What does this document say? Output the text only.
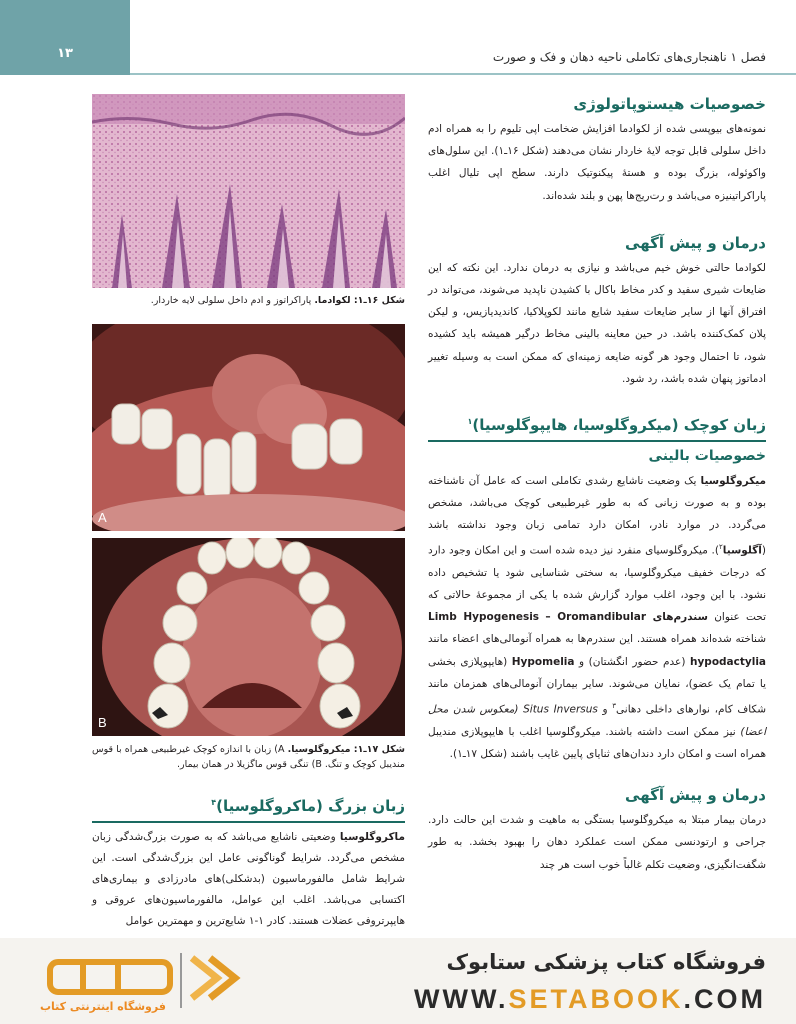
۱۳	فصل ۱ ناهنجاری‌های تکاملی ناحیه دهان و فک و صورت
خصوصیات هیستوپاتولوژی

نمونه‌های بیوپسی شده از لکوادما افزایش ضخامت اپی تلیوم را به همراه ادم داخل سلولی قابل توجه لایۀ خاردار نشان می‌دهند (شکل ۱۶ـ۱). این سلول‌های واکوئوله، بزرگ بوده و هستۀ پیکنوتیک دارند. سطح اپی تلیال اغلب پاراکراتینیزه می‌باشد و رت‌ریج‌ها پهن و بلند شده‌اند.

درمان و پیش آگهی

لکوادما حالتی خوش خیم می‌باشد و نیازی به درمان ندارد. این نکته که این ضایعات شیری سفید و کدر مخاط باکال با کشیدن ناپدید می‌شوند، می‌تواند در افتراق آنها از سایر ضایعات سفید شایع مانند لکوپلاکیا، کاندیدیازیس، و لیکن پلان کمک‌کننده باشد. در حین معاینه بالینی مخاط درگیر همیشه باید کشیده شود، تا احتمال وجود هر گونه ضایعه زمینه‌ای که ممکن است به وسیله تغییر ادماتوز پنهان شده باشد، رد شود.

زبان کوچک (میکروگلوسیا، هایپوگلوسیا)$^۱$
خصوصیات بالینی

میکروگلوسیا یک وضعیت ناشایع رشدی تکاملی است که عامل آن ناشناخته بوده و به صورت زبانی که به طور غیرطبیعی کوچک می‌باشد، مشخص می‌گردد. در موارد نادر، امکان دارد تمامی زبان وجود نداشته باشد (آگلوسیا$^۲$). میکروگلوسیای منفرد نیز دیده شده است و این امکان وجود دارد که درجات خفیف میکروگلوسیا، به سختی شناسایی شود یا تشخیص داده نشود. با این وجود، اغلب موارد گزارش شده با یکی از مجموعۀ حالاتی که تحت عنوان سندرم‌های Oromandibular – Limb Hypogenesis شناخته شده‌اند همراه هستند. این سندرم‌ها به همراه آنومالی‌های اعضاء مانند hypodactylia (عدم حضور انگشتان) و Hypomelia (هایپوپلازی بخشی یا تمام یک عضو)، نمایان می‌شوند. سایر بیماران آنومالی‌های همزمان مانند شکاف کام، نوارهای داخلی دهانی$^۳$ و Situs Inversus (معکوس شدن محل اعضا) نیز ممکن است داشته باشند. میکروگلوسیا اغلب با هایپوپلازی مندیبل همراه است و امکان دارد دندان‌های ثنایای پایین غایب باشند (شکل ۱۷ـ۱).

درمان و پیش آگهی

درمان بیمار مبتلا به میکروگلوسیا بستگی به ماهیت و شدت این حالت دارد. جراحی و ارتودنسی ممکن است عملکرد دهان را بهبود بخشد. به طور شگفت‌انگیزی، وضعیت تکلم غالباً خوب است هر چند

شکل ۱۶ـ۱: لکوادما. پاراکراتوز و ادم داخل سلولی لایه خاردار.
A
B
شکل ۱۷ـ۱: میکروگلوسیا. A) زبان با اندازه کوچک غیرطبیعی همراه با قوس مندیبل کوچک و تنگ. B) تنگی قوس ماگزیلا در همان بیمار.
زبان بزرگ (ماکروگلوسیا)$^۴$

ماکروگلوسیا وضعیتی ناشایع می‌باشد که به صورت بزرگ‌شدگی زبان مشخص می‌گردد. شرایط گوناگونی عامل این بزرگ‌شدگی است. این شرایط شامل مالفورماسیون (بدشکلی)های مادرزادی و بیماری‌های اکتسابی می‌باشد. اغلب این عوامل، مالفورماسیون‌های عروقی و هایپرتروفی عضلات هستند. کادر ۱-۱ شایع‌ترین و مهمترین عوامل

فروشگاه اینترنتی کتاب
فروشگاه کتاب پزشکی ستابوک
WWW.SETABOOK.COM
